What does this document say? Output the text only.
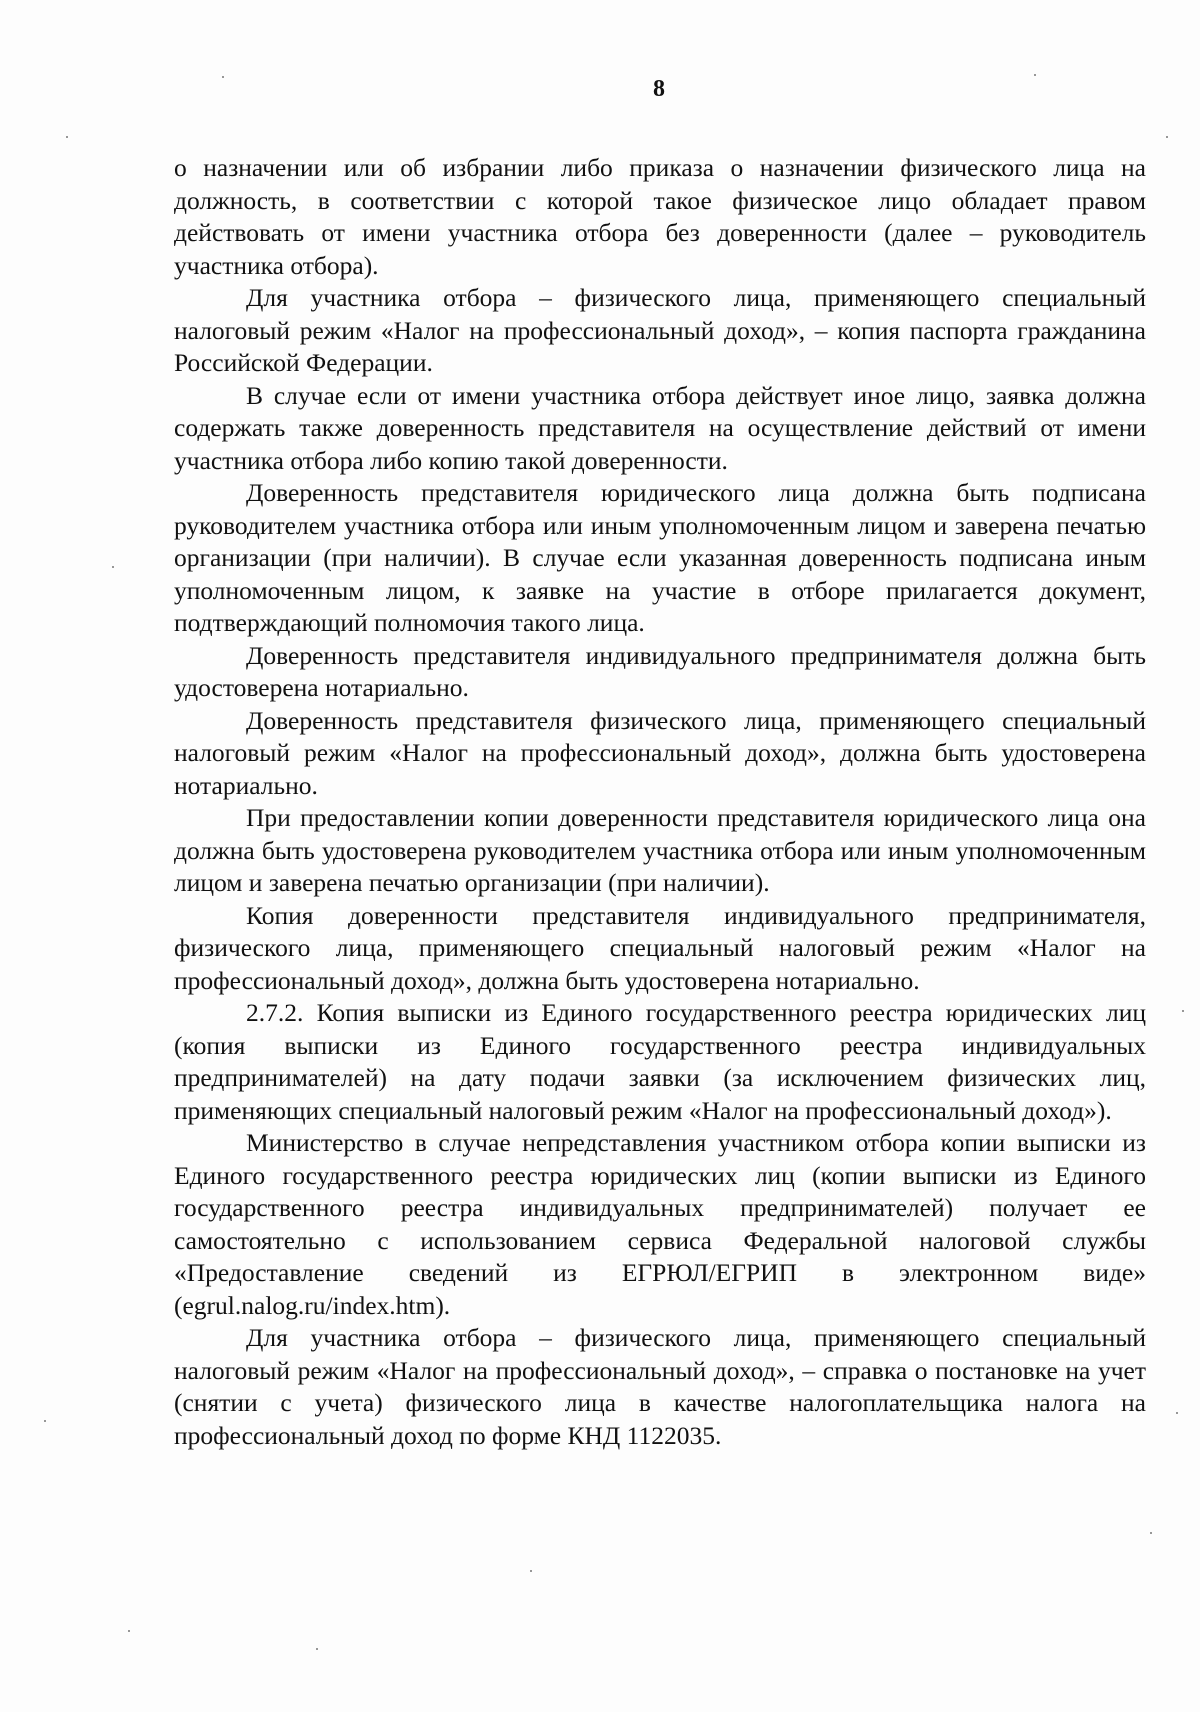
8

о назначении или об избрании либо приказа о назначении физического лица на должность, в соответствии с которой такое физическое лицо обладает правом действовать от имени участника отбора без доверенности (далее – руководитель участника отбора).

Для участника отбора – физического лица, применяющего специальный налоговый режим «Налог на профессиональный доход», – копия паспорта гражданина Российской Федерации.

В случае если от имени участника отбора действует иное лицо, заявка должна содержать также доверенность представителя на осуществление действий от имени участника отбора либо копию такой доверенности.

Доверенность представителя юридического лица должна быть подписана руководителем участника отбора или иным уполномоченным лицом и заверена печатью организации (при наличии). В случае если указанная доверенность подписана иным уполномоченным лицом, к заявке на участие в отборе прилагается документ, подтверждающий полномочия такого лица.

Доверенность представителя индивидуального предпринимателя должна быть удостоверена нотариально.

Доверенность представителя физического лица, применяющего специальный налоговый режим «Налог на профессиональный доход», должна быть удостоверена нотариально.

При предоставлении копии доверенности представителя юридического лица она должна быть удостоверена руководителем участника отбора или иным уполномоченным лицом и заверена печатью организации (при наличии).

Копия доверенности представителя индивидуального предпринимателя, физического лица, применяющего специальный налоговый режим «Налог на профессиональный доход», должна быть удостоверена нотариально.

2.7.2. Копия выписки из Единого государственного реестра юридических лиц (копия выписки из Единого государственного реестра индивидуальных предпринимателей) на дату подачи заявки (за исключением физических лиц, применяющих специальный налоговый режим «Налог на профессиональный доход»).

Министерство в случае непредставления участником отбора копии выписки из Единого государственного реестра юридических лиц (копии выписки из Единого государственного реестра индивидуальных предпринимателей) получает ее самостоятельно с использованием сервиса Федеральной налоговой службы «Предоставление сведений из ЕГРЮЛ/ЕГРИП в электронном виде» (egrul.nalog.ru/index.htm).

Для участника отбора – физического лица, применяющего специальный налоговый режим «Налог на профессиональный доход», – справка о постановке на учет (снятии с учета) физического лица в качестве налогоплательщика налога на профессиональный доход по форме КНД 1122035.
